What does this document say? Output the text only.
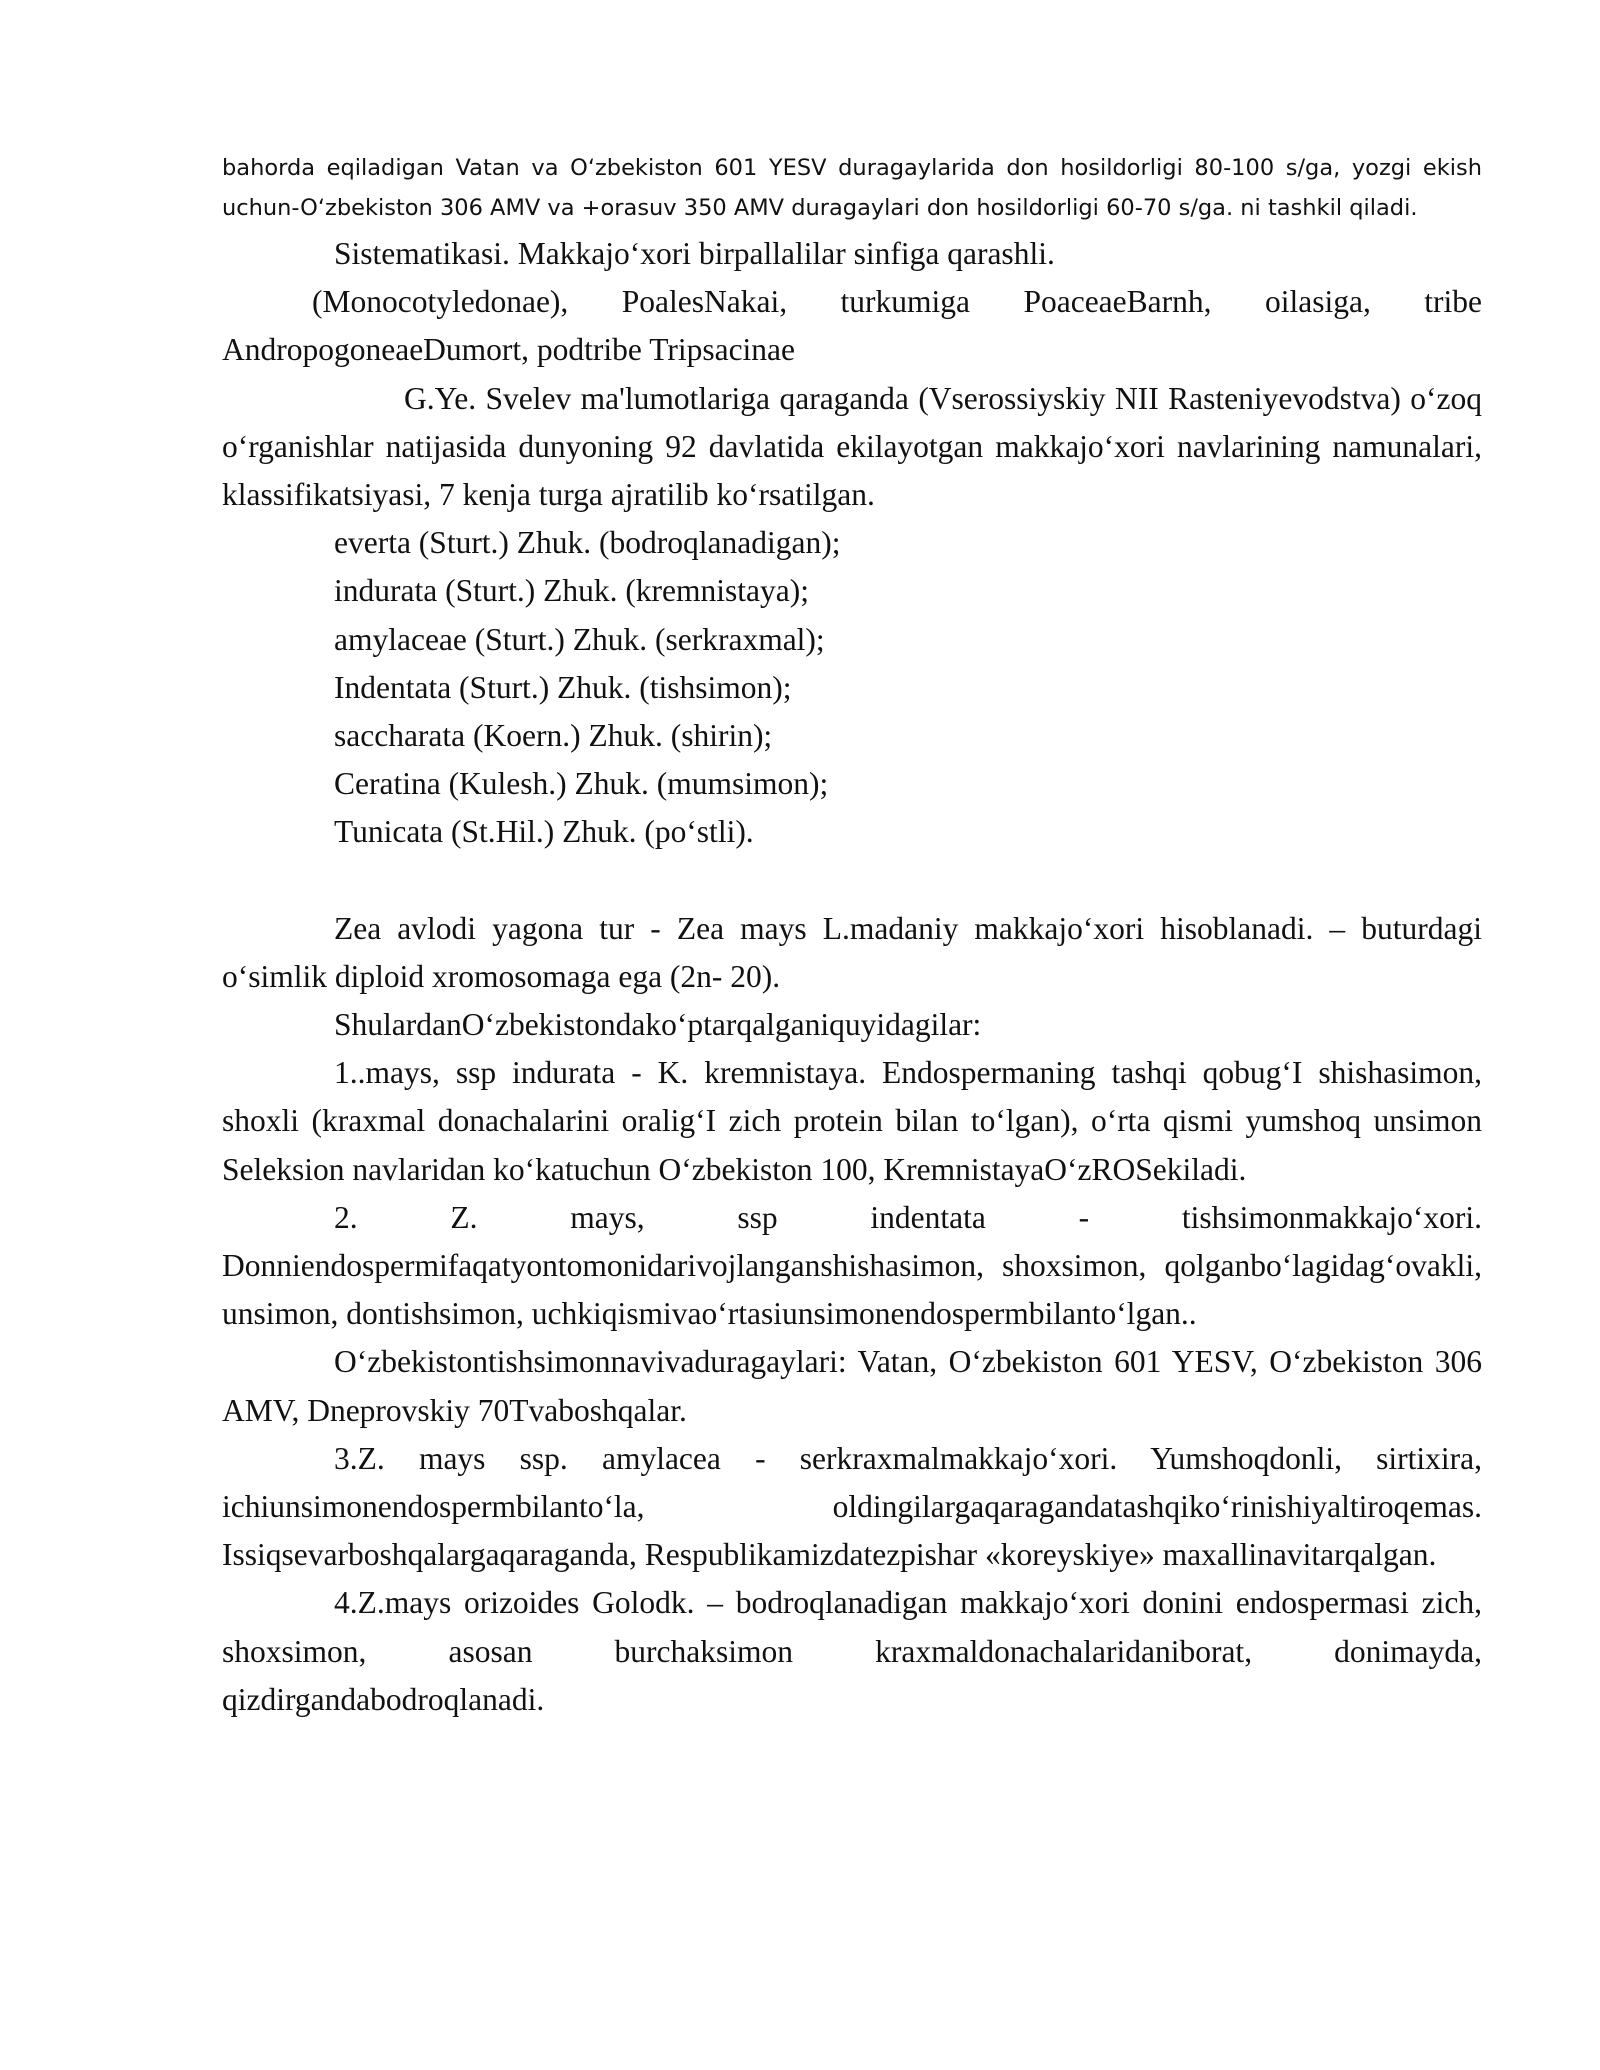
bahorda eqiladigan Vatan va O‘zbekiston 601 YESV duragaylarida don hosildorligi 80-100 s/ga, yozgi ekish uchun-O‘zbekiston 306 AMV va +orasuv 350 AMV duragaylari don hosildorligi 60-70 s/ga. ni tashkil qiladi.

Sistematikasi. Makkajo‘xori birpallalilar sinfiga qarashli.

(Monocotyledonae), PoalesNakai, turkumiga PoaceaeBarnh, oilasiga, tribe AndropogoneaeDumort, podtribe Tripsacinae

G.Ye. Svelev ma'lumotlariga qaraganda (Vserossiyskiy NII Rasteniyevodstva) o‘zoq o‘rganishlar natijasida dunyoning 92 davlatida ekilayotgan makkajo‘xori navlarining namunalari, klassifikatsiyasi, 7 kenja turga ajratilib ko‘rsatilgan.

everta (Sturt.) Zhuk. (bodroqlanadigan);

indurata (Sturt.) Zhuk. (kremnistaya);

amylaceae (Sturt.) Zhuk. (serkraxmal);

Indentata (Sturt.) Zhuk. (tishsimon);

saccharata (Koern.) Zhuk. (shirin);

Ceratina (Kulesh.) Zhuk. (mumsimon);

Tunicata (St.Hil.) Zhuk. (po‘stli).

Zea avlodi yagona tur - Zea mays L.madaniy makkajo‘xori hisoblanadi. – buturdagi o‘simlik diploid xromosomaga ega (2n- 20).

ShulardanO‘zbekistondako‘ptarqalganiquyidagilar:

1..mays, ssp indurata - K. kremnistaya. Endospermaning tashqi qobug‘I shishasimon, shoxli (kraxmal donachalarini oralig‘I zich protein bilan to‘lgan), o‘rta qismi yumshoq unsimon Seleksion navlaridan ko‘katuchun O‘zbekiston 100, KremnistayaO‘zROSekiladi.

2. Z. mays, ssp indentata - tishsimonmakkajo‘xori. Donniendospermifaqatyontomonidarivojlanganshishasimon, shoxsimon, qolganbo‘lagidag‘ovakli, unsimon, dontishsimon, uchkiqismivao‘rtasiunsimonendospermbilanto‘lgan..

O‘zbekistontishsimonnavivaduragaylari: Vatan, O‘zbekiston 601 YESV, O‘zbekiston 306 AMV, Dneprovskiy 70Tvaboshqalar.

3.Z. mays ssp. amylacea - serkraxmalmakkajo‘xori. Yumshoqdonli, sirtixira, ichiunsimonendospermbilanto‘la, oldingilargaqaragandatashqiko‘rinishiyaltiroqemas. Issiqsevarboshqalargaqaraganda, Respublikamizdatezpishar «koreyskiye» maxallinavitarqalgan.

4.Z.mays orizoides Golodk. – bodroqlanadigan makkajo‘xori donini endospermasi zich, shoxsimon, asosan burchaksimon kraxmaldonachalaridaniborat, donimayda, qizdirgandabodroqlanadi.
